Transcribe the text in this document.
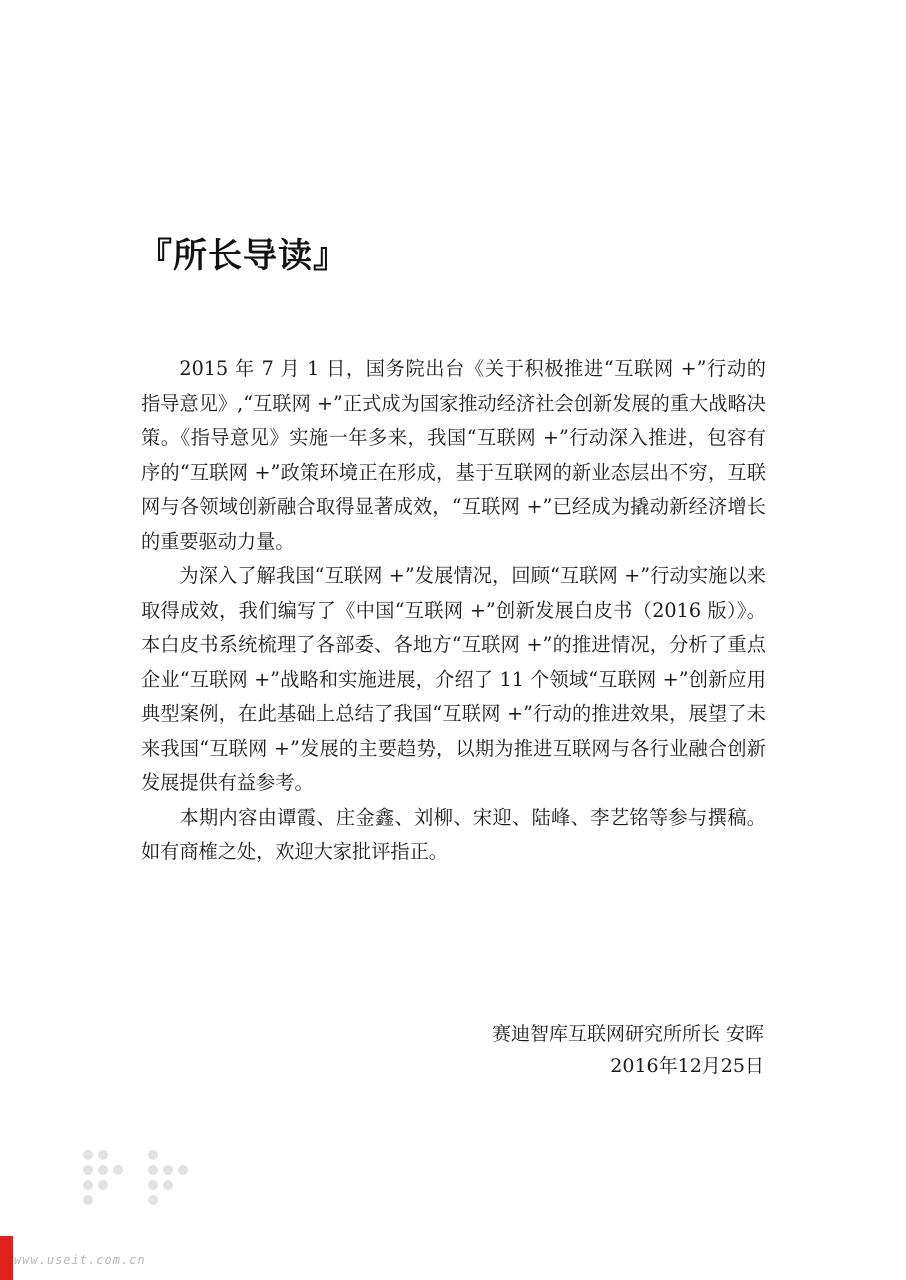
『所长导读』

2015 年 7 月 1 日，国务院出台《关于积极推进“互联网 +”行动的指导意见》,“互联网 +”正式成为国家推动经济社会创新发展的重大战略决策。《指导意见》实施一年多来，我国“互联网 +”行动深入推进，包容有序的“互联网 +”政策环境正在形成，基于互联网的新业态层出不穷，互联网与各领域创新融合取得显著成效，“互联网 +”已经成为撬动新经济增长的重要驱动力量。

为深入了解我国“互联网 +”发展情况，回顾“互联网 +”行动实施以来取得成效，我们编写了《中国“互联网 +”创新发展白皮书（2016 版）》。本白皮书系统梳理了各部委、各地方“互联网 +”的推进情况，分析了重点企业“互联网 +”战略和实施进展，介绍了 11 个领域“互联网 +”创新应用典型案例，在此基础上总结了我国“互联网 +”行动的推进效果，展望了未来我国“互联网 +”发展的主要趋势，以期为推进互联网与各行业融合创新发展提供有益参考。

本期内容由谭霞、庄金鑫、刘柳、宋迎、陆峰、李艺铭等参与撰稿。如有商榷之处，欢迎大家批评指正。

赛迪智库互联网研究所所长 安晖
2016年12月25日
www.useit.com.cn
